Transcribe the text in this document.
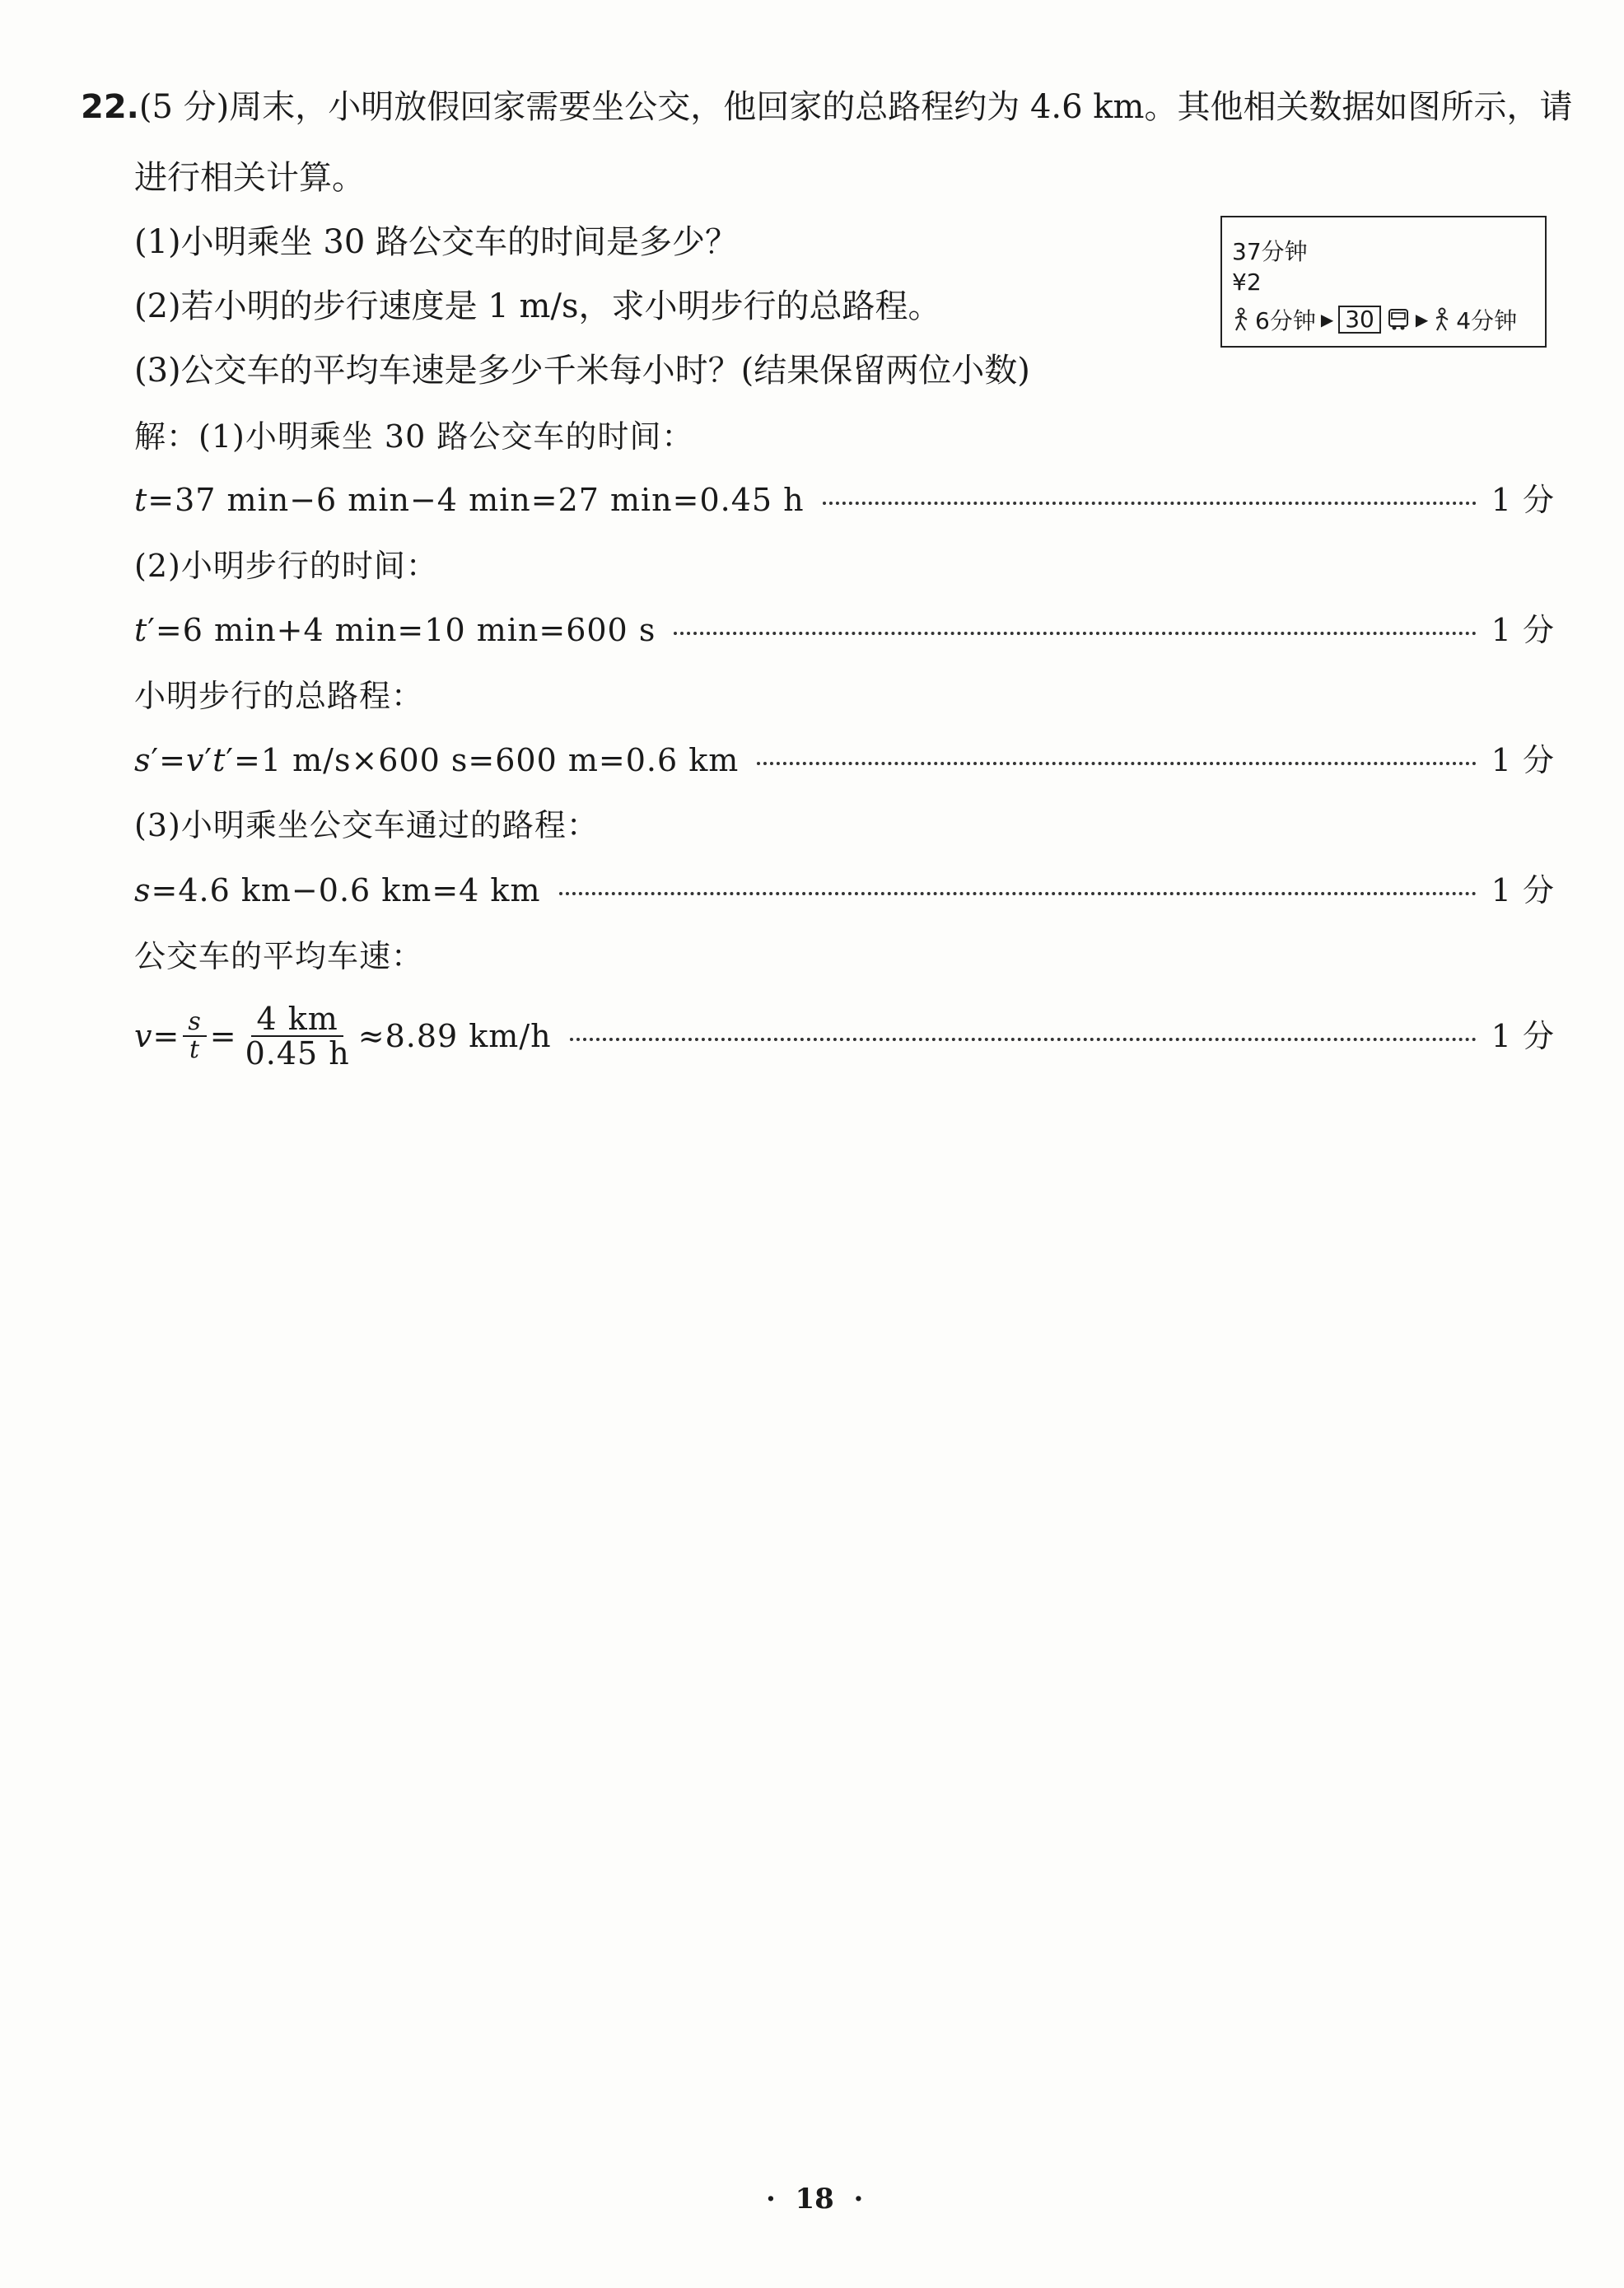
22.(5 分)周末，小明放假回家需要坐公交，他回家的总路程约为 4.6 km。其他相关数据如图所示，请
进行相关计算。
(1)小明乘坐 30 路公交车的时间是多少？
(2)若小明的步行速度是 1 m/s，求小明步行的总路程。
(3)公交车的平均车速是多少千米每小时？(结果保留两位小数)
37分钟
¥2
6分钟 ▶ 30	▶ 4分钟
解：(1)小明乘坐 30 路公交车的时间：
t=37 min−6 min−4 min=27 min=0.45 h	1 分
(2)小明步行的时间：
t′=6 min+4 min=10 min=600 s	1 分
小明步行的总路程：
s′=v′t′=1 m/s×600 s=600 m=0.6 km	1 分
(3)小明乘坐公交车通过的路程：
s=4.6 km−0.6 km=4 km	1 分
公交车的平均车速：
$v = \frac{s}{t} = \frac{4 km}{0.45 h} \approx 8.89$ km/h	1 分
·  18  ·
